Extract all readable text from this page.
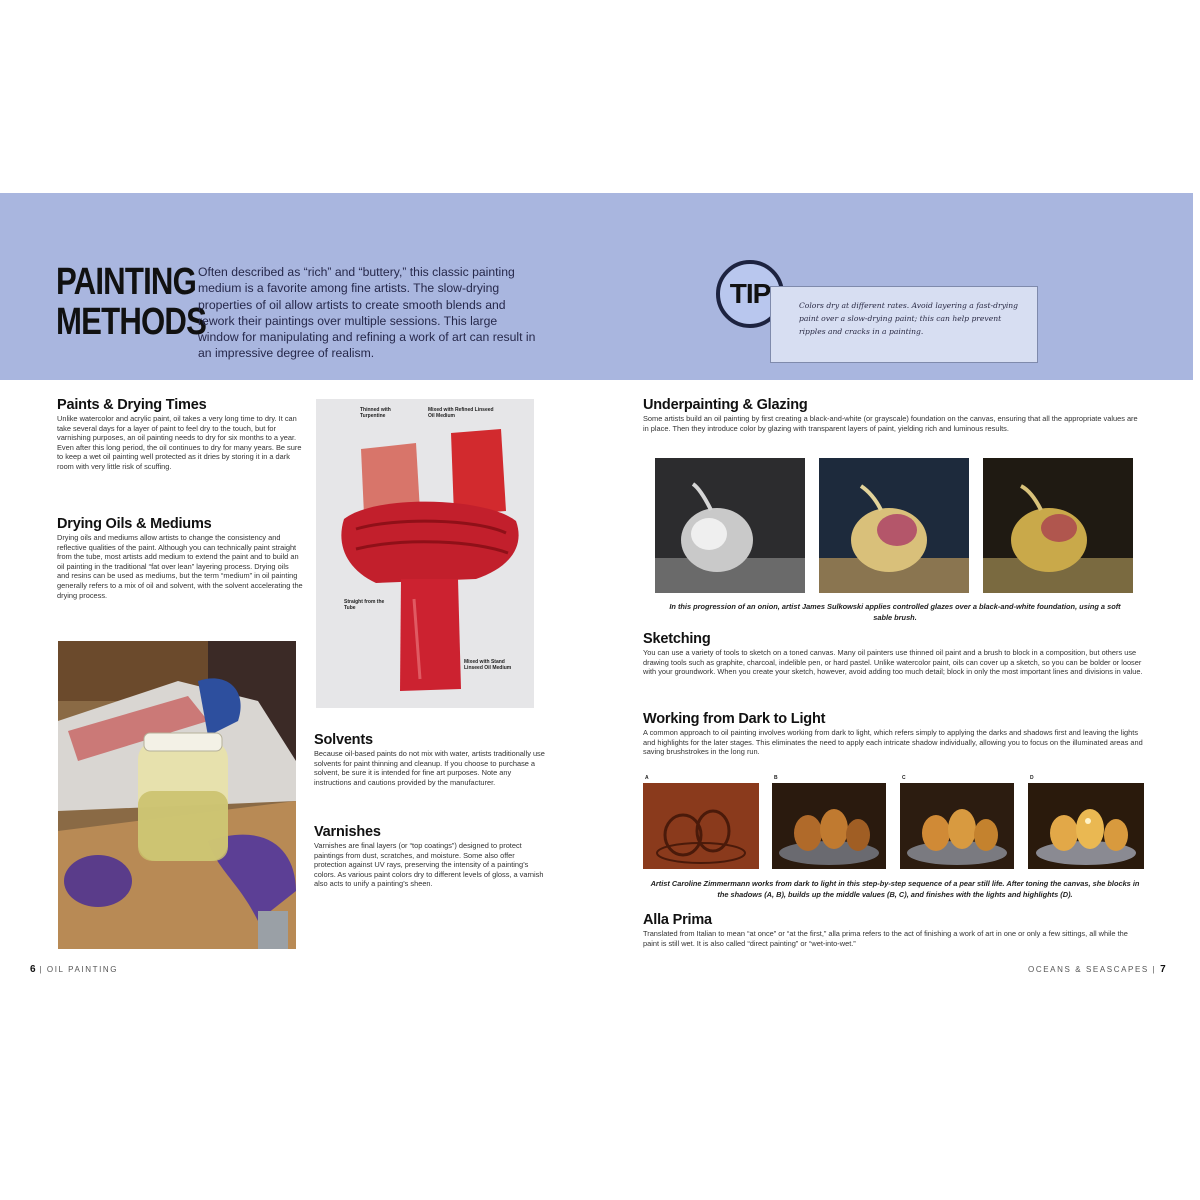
PAINTING
METHODS
Often described as “rich” and “buttery,” this classic painting medium is a favorite among fine artists. The slow-drying properties of oil allow artists to create smooth blends and rework their paintings over multiple sessions. This large window for manipulating and refining a work of art can result in an impressive degree of realism.
TIP	Colors dry at different rates. Avoid layering a fast-drying paint over a slow-drying paint; this can help prevent ripples and cracks in a painting.
Paints & Drying Times
Unlike watercolor and acrylic paint, oil takes a very long time to dry. It can take several days for a layer of paint to feel dry to the touch, but for varnishing purposes, an oil painting needs to dry for six months to a year. Even after this long period, the oil continues to dry for many years. Be sure to keep a wet oil painting well protected as it dries by storing it in a dark room with very little risk of scuffing.
Drying Oils & Mediums
Drying oils and mediums allow artists to change the consistency and reflective qualities of the paint. Although you can technically paint straight from the tube, most artists add medium to extend the paint and to build an oil painting in the traditional “fat over lean” layering process. Drying oils and resins can be used as mediums, but the term “medium” in oil painting generally refers to a mix of oil and solvent, with the solvent accelerating the drying process.
Thinned with Turpentine
Mixed with Refined Linseed Oil Medium
Straight from the Tube
Mixed with Stand Linseed Oil Medium
Solvents
Because oil-based paints do not mix with water, artists traditionally use solvents for paint thinning and cleanup. If you choose to purchase a solvent, be sure it is intended for fine art purposes. Note any instructions and cautions provided by the manufacturer.
Varnishes
Varnishes are final layers (or “top coatings”) designed to protect paintings from dust, scratches, and moisture. Some also offer protection against UV rays, preserving the intensity of a painting’s colors. As various paint colors dry to different levels of gloss, a varnish also acts to unify a painting’s sheen.
6 | OIL PAINTING
Underpainting & Glazing
Some artists build an oil painting by first creating a black-and-white (or grayscale) foundation on the canvas, ensuring that all the appropriate values are in place. Then they introduce color by glazing with transparent layers of paint, yielding rich and luminous results.
In this progression of an onion, artist James Sulkowski applies controlled glazes over a black-and-white foundation, using a soft sable brush.
Sketching
You can use a variety of tools to sketch on a toned canvas. Many oil painters use thinned oil paint and a brush to block in a composition, but others use drawing tools such as graphite, charcoal, indelible pen, or hard pastel. Unlike watercolor paint, oils can cover up a sketch, so you can be bolder or looser with your groundwork. When you create your sketch, however, avoid adding too much detail; block in only the most important lines and divisions in value.
Working from Dark to Light
A common approach to oil painting involves working from dark to light, which refers simply to applying the darks and shadows first and leaving the lights and highlights for the later stages. This eliminates the need to apply each intricate shadow individually, allowing you to focus on the illuminated areas and saving brushstrokes in the long run.
A	B	C	D
Artist Caroline Zimmermann works from dark to light in this step-by-step sequence of a pear still life. After toning the canvas, she blocks in the shadows (A, B), builds up the middle values (B, C), and finishes with the lights and highlights (D).
Alla Prima
Translated from Italian to mean “at once” or “at the first,” alla prima refers to the act of finishing a work of art in one or only a few sittings, all while the paint is still wet. It is also called “direct painting” or “wet-into-wet.”
OCEANS & SEASCAPES | 7
